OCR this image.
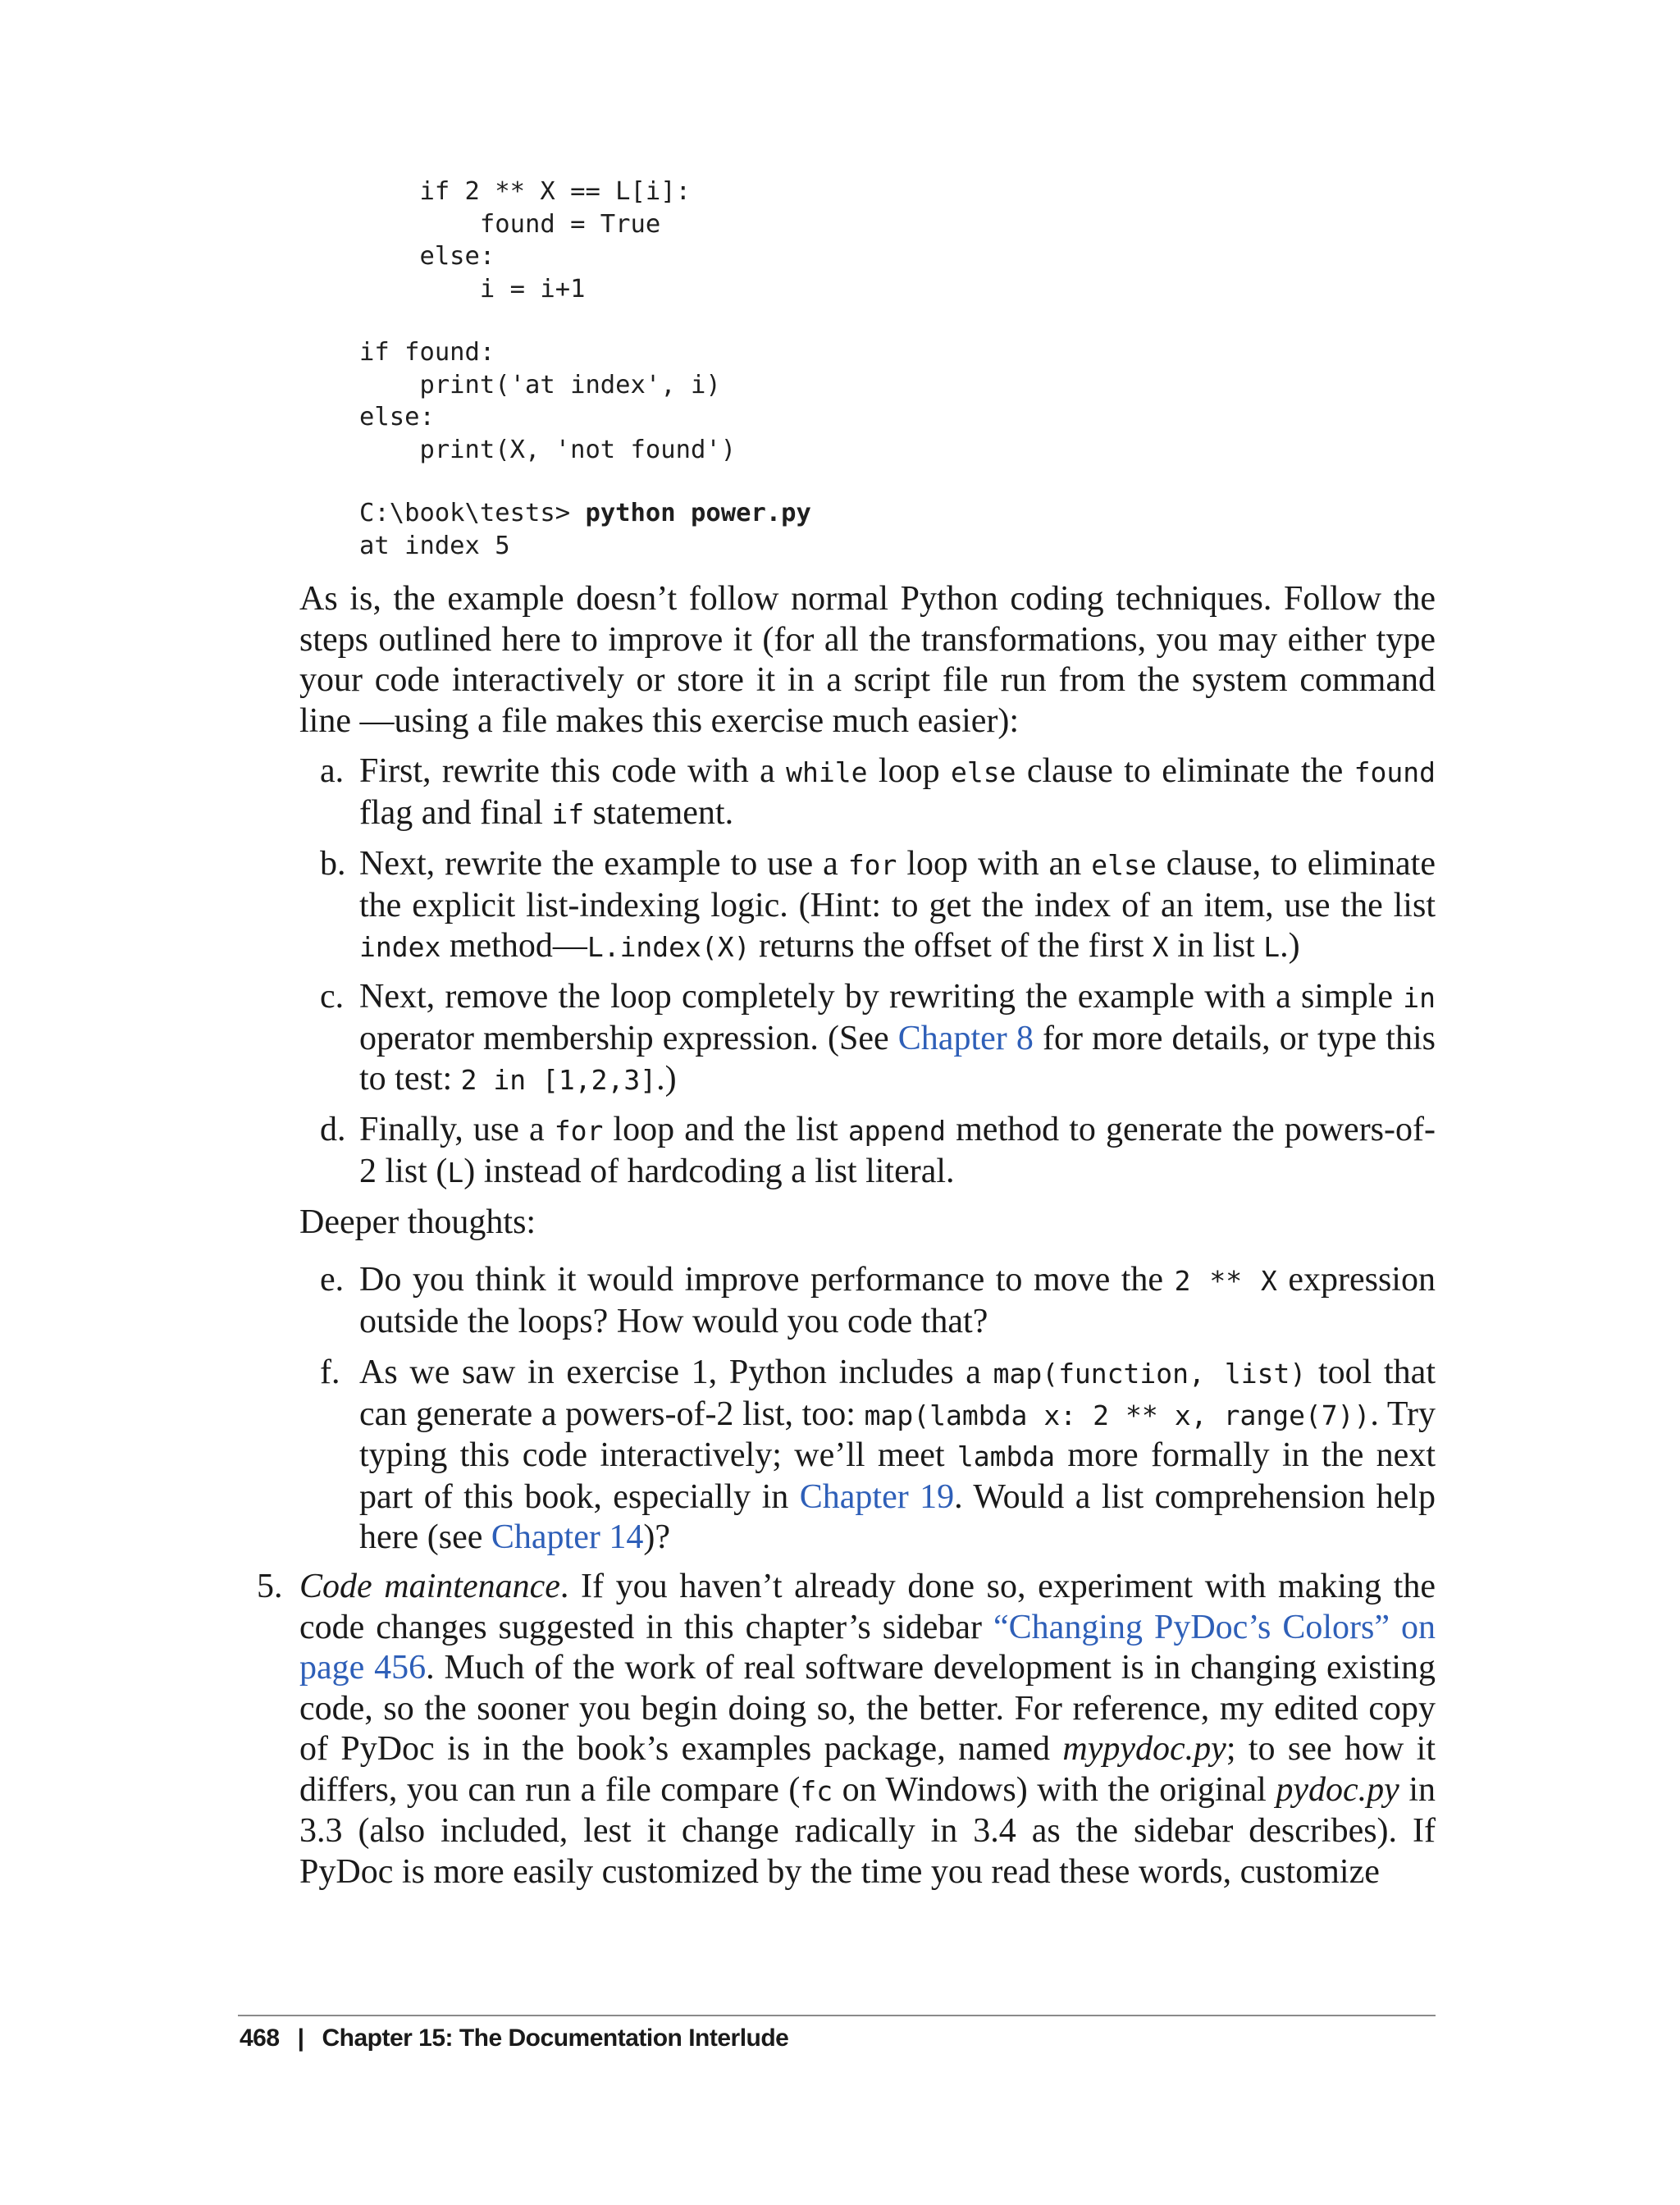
if 2 ** X == L[i]:
found = True
else:
i = i+1
if found:
print('at index', i)
else:
print(X, 'not found')
C:\book\tests> python power.py
at index 5
As is, the example doesn’t follow normal Python coding techniques. Follow the steps outlined here to improve it (for all the transformations, you may either type your code interactively or store it in a script file run from the system command line —using a file makes this exercise much easier):
a. First, rewrite this code with a while loop else clause to eliminate the found flag and final if statement.
b. Next, rewrite the example to use a for loop with an else clause, to eliminate the explicit list-indexing logic. (Hint: to get the index of an item, use the list index method—L.index(X) returns the offset of the first X in list L.)
c. Next, remove the loop completely by rewriting the example with a simple in operator membership expression. (See Chapter 8 for more details, or type this to test: 2 in [1,2,3].)
d. Finally, use a for loop and the list append method to generate the powers-of-2 list (L) instead of hardcoding a list literal.
Deeper thoughts:
e. Do you think it would improve performance to move the 2 ** X expression outside the loops? How would you code that?
f. As we saw in exercise 1, Python includes a map(function, list) tool that can generate a powers-of-2 list, too: map(lambda x: 2 ** x, range(7)). Try typing this code interactively; we’ll meet lambda more formally in the next part of this book, especially in Chapter 19. Would a list comprehension help here (see Chapter 14)?
5. Code maintenance. If you haven’t already done so, experiment with making the code changes suggested in this chapter’s sidebar “Changing PyDoc’s Colors” on page 456. Much of the work of real software development is in changing existing code, so the sooner you begin doing so, the better. For reference, my edited copy of PyDoc is in the book’s examples package, named mypydoc.py; to see how it differs, you can run a file compare (fc on Windows) with the original pydoc.py in 3.3 (also included, lest it change radically in 3.4 as the sidebar describes). If PyDoc is more easily customized by the time you read these words, customize
468 | Chapter 15: The Documentation Interlude
